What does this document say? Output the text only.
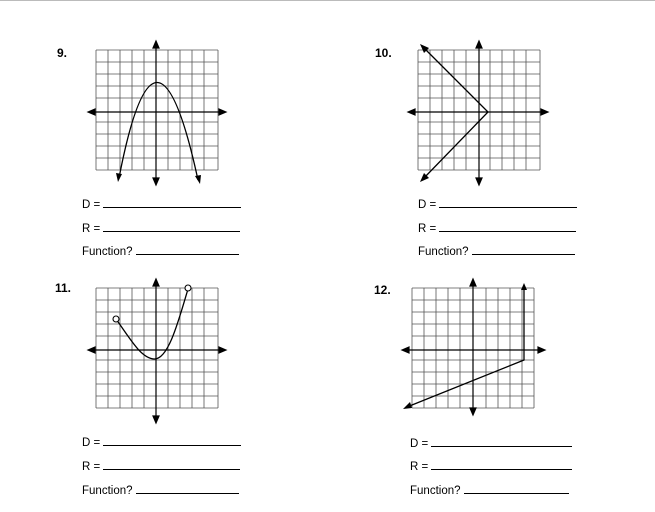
9.
D =
R =
Function?
10.
D =
R =
Function?
11.
D =
R =
Function?
12.
D =
R =
Function?
